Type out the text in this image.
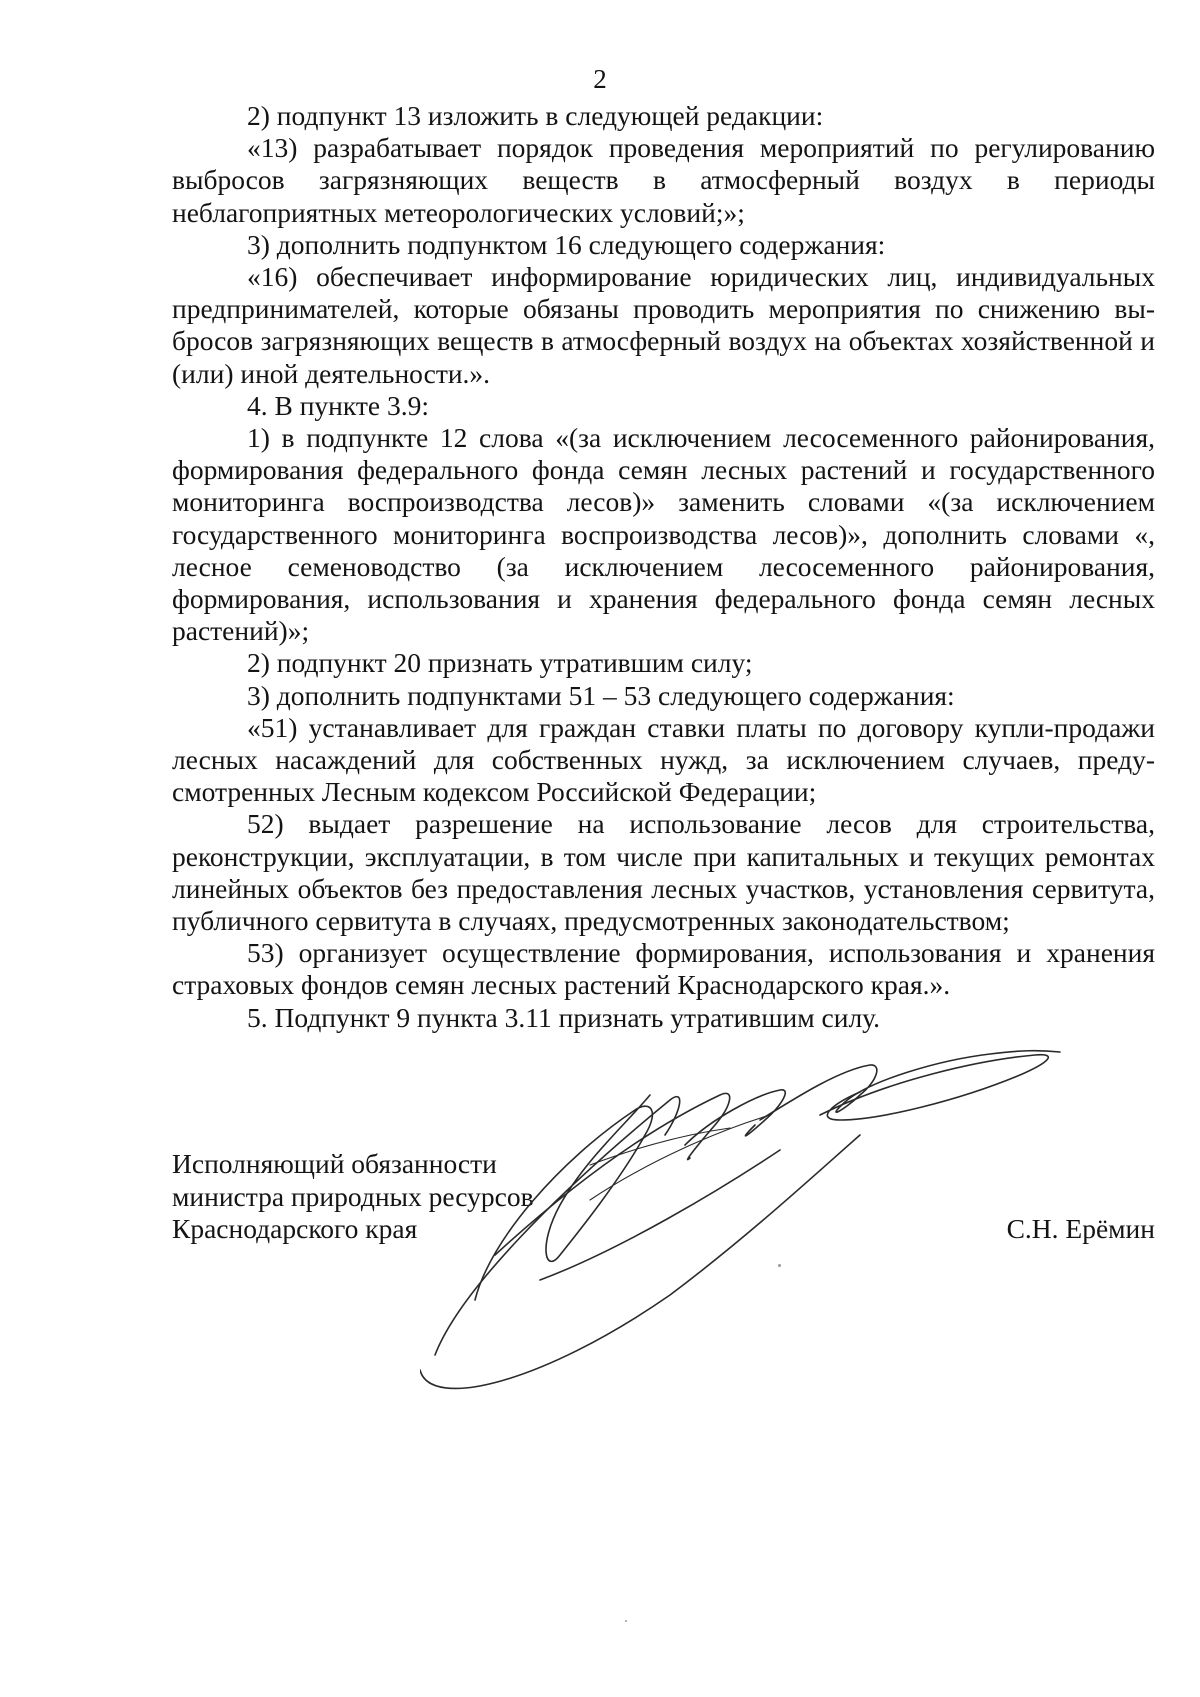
2

2) подпункт 13 изложить в следующей редакции:

«13) разрабатывает порядок проведения мероприятий по регулированию выбросов загрязняющих веществ в атмосферный воздух в периоды неблагоприятных метеорологических условий;»;

3) дополнить подпунктом 16 следующего содержания:

«16) обеспечивает информирование юридических лиц, индивидуальных предпринимателей, которые обязаны проводить мероприятия по снижению выбросов загрязняющих веществ в атмосферный воздух на объектах хозяйственной и (или) иной деятельности.».

4. В пункте 3.9:

1) в подпункте 12 слова «(за исключением лесосеменного районирования, формирования федерального фонда семян лесных растений и государственного мониторинга воспроизводства лесов)» заменить словами «(за исключением государственного мониторинга воспроизводства лесов)», дополнить словами «, лесное семеноводство (за исключением лесосеменного районирования, формирования, использования и хранения федерального фонда семян лесных растений)»;

2) подпункт 20 признать утратившим силу;

3) дополнить подпунктами 51 – 53 следующего содержания:

«51) устанавливает для граждан ставки платы по договору купли-продажи лесных насаждений для собственных нужд, за исключением случаев, предусмотренных Лесным кодексом Российской Федерации;

52) выдает разрешение на использование лесов для строительства, реконструкции, эксплуатации, в том числе при капитальных и текущих ремонтах линейных объектов без предоставления лесных участков, установления сервитута, публичного сервитута в случаях, предусмотренных законодательством;

53) организует осуществление формирования, использования и хранения страховых фондов семян лесных растений Краснодарского края.».

5. Подпункт 9 пункта 3.11 признать утратившим силу.

Исполняющий обязанности
министра природных ресурсов
Краснодарского края	С.Н. Ерёмин
